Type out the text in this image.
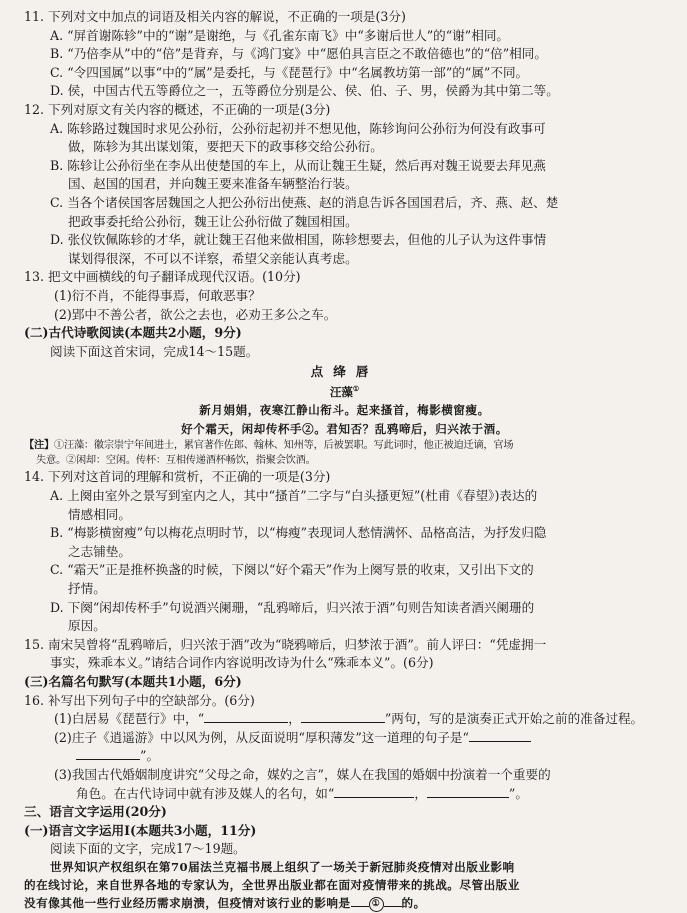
11. 下列对文中加点的词语及相关内容的解说，不正确的一项是(3分)
A. “屏首谢陈轸”中的“谢”是谢绝，与《孔雀东南飞》中“多谢后世人”的“谢”相同。
B. “乃倍李从”中的“倍”是背弃，与《鸿门宴》中“愿伯具言臣之不敢倍德也”的“倍”相同。
C. “令四国属”以事“中的“属”是委托，与《琵琶行》中“名属教坊第一部”的“属”不同。
D. 侯，中国古代五等爵位之一，五等爵位分别是公、侯、伯、子、男，侯爵为其中第二等。
12. 下列对原文有关内容的概述，不正确的一项是(3分)
A. 陈轸路过魏国时求见公孙衍，公孙衍起初并不想见他，陈轸询问公孙衍为何没有政事可
做，陈轸为其出谋划策，要把天下的政事移交给公孙衍。
B. 陈轸让公孙衍坐在李从出使楚国的车上，从而让魏王生疑，然后再对魏王说要去拜见燕
国、赵国的国君，并向魏王要来准备车辆整治行装。
C. 当各个诸侯国客居魏国之人把公孙衍出使燕、赵的消息告诉各国国君后，齐、燕、赵、楚
把政事委托给公孙衍，魏王让公孙衍做了魏国相国。
D. 张仪钦佩陈轸的才华，就让魏王召他来做相国，陈轸想要去，但他的儿子认为这件事情
谋划得很深，不可以不详察，希望父亲能认真考虑。
13. 把文中画横线的句子翻译成现代汉语。(10分)
(1)衍不肖，不能得事焉，何敢恶事？
(2)郢中不善公者，欲公之去也，必劝王多公之车。
(二)古代诗歌阅读(本题共2小题，9分)
阅读下面这首宋词，完成14～15题。
点绛唇
汪藻①
新月娟娟，夜寒江静山衔斗。起来搔首，梅影横窗瘦。
好个霜天，闲却传杯手②。君知否？乱鸦啼后，归兴浓于酒。
【注】①汪藻：徽宗崇宁年间进士，累官著作佐郎、翰林、知州等，后被罢职。写此词时，他正被迫迁谪，官场
失意。②闲却：空闲。传杯：互相传递酒杯畅饮，指聚会饮酒。
14. 下列对这首词的理解和赏析，不正确的一项是(3分)
A. 上阕由室外之景写到室内之人，其中“搔首”二字与“白头搔更短”(杜甫《春望》)表达的
情感相同。
B. “梅影横窗瘦”句以梅花点明时节，以“梅瘦”表现词人愁情满怀、品格高洁，为抒发归隐
之志铺垫。
C. “霜天”正是推杯换盏的时候，下阕以“好个霜天”作为上阕写景的收束，又引出下文的
抒情。
D. 下阕“闲却传杯手”句说酒兴阑珊，“乱鸦啼后，归兴浓于酒”句则告知读者酒兴阑珊的
原因。
15. 南宋吴曾将“乱鸦啼后，归兴浓于酒”改为“晓鸦啼后，归梦浓于酒”。前人评曰：“凭虚拥一
事实，殊乖本义。”请结合词作内容说明改诗为什么“殊乖本义”。(6分)
(三)名篇名句默写(本题共1小题，6分)
16. 补写出下列句子中的空缺部分。(6分)
(1)白居易《琵琶行》中，“	，	”两句，写的是演奏正式开始之前的准备过程。
(2)庄子《逍遥游》中以风为例，从反面说明“厚积薄发”这一道理的句子是“
”。
(3)我国古代婚姻制度讲究“父母之命，媒妁之言”，媒人在我国的婚姻中扮演着一个重要的
角色。在古代诗词中就有涉及媒人的名句，如“	，	”。
三、语言文字运用(20分)
(一)语言文字运用Ⅰ(本题共3小题，11分)
阅读下面的文字，完成17～19题。
世界知识产权组织在第70届法兰克福书展上组织了一场关于新冠肺炎疫情对出版业影响
的在线讨论，来自世界各地的专家认为，全世界出版业都在面对疫情带来的挑战。尽管出版业
没有像其他一些行业经历需求崩溃，但疫情对该行业的影响是 ① 的。
